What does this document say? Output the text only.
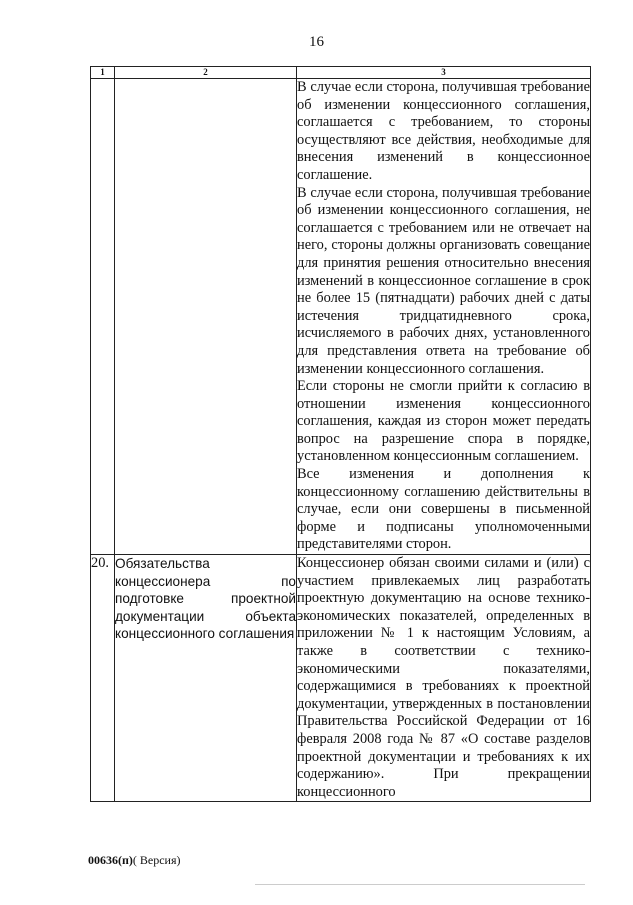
16
1	2	3

		В случае если сторона, получившая требование об изменении концессионного соглашения, соглашается с требованием, то стороны осуществляют все действия, необходимые для внесения изменений в концессионное соглашение.

В случае если сторона, получившая требование об изменении концессионного соглашения, не соглашается с требованием или не отвечает на него, стороны должны организовать совещание для принятия решения относительно внесения изменений в концессионное соглашение в срок не более 15 (пятнадцати) рабочих дней с даты истечения тридцатидневного срока, исчисляемого в рабочих днях, установленного для представления ответа на требование об изменении концессионного соглашения.

Если стороны не смогли прийти к согласию в отношении изменения концессионного соглашения, каждая из сторон может передать вопрос на разрешение спора в порядке, установленном концессионным соглашением.

Все изменения и дополнения к концессионному соглашению действительны в случае, если они совершены в письменной форме и подписаны уполномоченными представителями сторон.

20.	Обязательства концессионера по подготовке проектной документации объекта концессионного соглашения	Концессионер обязан своими силами и (или) с участием привлекаемых лиц разработать проектную документацию на основе технико-экономических показателей, определенных в приложении № 1 к настоящим Условиям, а также в соответствии с технико-экономическими показателями, содержащимися в требованиях к проектной документации, утвержденных в постановлении Правительства Российской Федерации от 16 февраля 2008 года № 87 «О составе разделов проектной документации и требованиях к их содержанию». При прекращении концессионного

00636(п)( Версия)
